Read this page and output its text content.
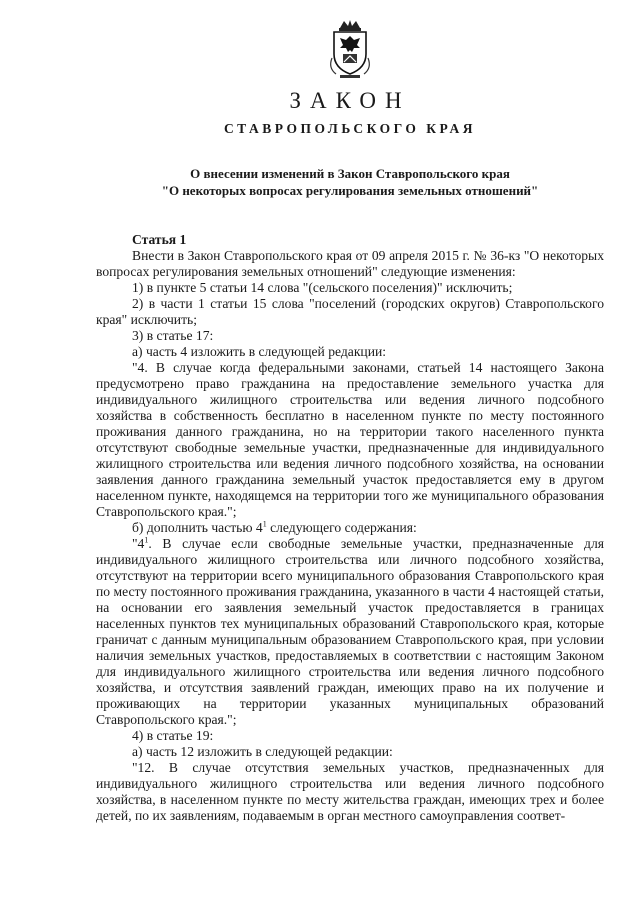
ЗАКОН
СТАВРОПОЛЬСКОГО КРАЯ
О внесении изменений в Закон Ставропольского края
"О некоторых вопросах регулирования земельных отношений"

Статья 1

Внести в Закон Ставропольского края от 09 апреля 2015 г. № 36-кз "О некоторых вопросах регулирования земельных отношений" следующие изменения:

1) в пункте 5 статьи 14 слова "(сельского поселения)" исключить;

2) в части 1 статьи 15 слова "поселений (городских округов) Ставропольского края" исключить;

3) в статье 17:

а) часть 4 изложить в следующей редакции:

"4. В случае когда федеральными законами, статьей 14 настоящего Закона предусмотрено право гражданина на предоставление земельного участка для индивидуального жилищного строительства или ведения личного подсобного хозяйства в собственность бесплатно в населенном пункте по месту постоянного проживания данного гражданина, но на территории такого населенного пункта отсутствуют свободные земельные участки, предназначенные для индивидуального жилищного строительства или ведения личного подсобного хозяйства, на основании заявления данного гражданина земельный участок предоставляется ему в другом населенном пункте, находящемся на территории того же муниципального образования Ставропольского края.";

б) дополнить частью $4^1$ следующего содержания:

"$4^1$. В случае если свободные земельные участки, предназначенные для индивидуального жилищного строительства или личного подсобного хозяйства, отсутствуют на территории всего муниципального образования Ставропольского края по месту постоянного проживания гражданина, указанного в части 4 настоящей статьи, на основании его заявления земельный участок предоставляется в границах населенных пунктов тех муниципальных образований Ставропольского края, которые граничат с данным муниципальным образованием Ставропольского края, при условии наличия земельных участков, предоставляемых в соответствии с настоящим Законом для индивидуального жилищного строительства или ведения личного подсобного хозяйства, и отсутствия заявлений граждан, имеющих право на их получение и проживающих на территории указанных муниципальных образований Ставропольского края.";

4) в статье 19:

а) часть 12 изложить в следующей редакции:

"12. В случае отсутствия земельных участков, предназначенных для индивидуального жилищного строительства или ведения личного подсобного хозяйства, в населенном пункте по месту жительства граждан, имеющих трех и более детей, по их заявлениям, подаваемым в орган местного самоуправления соответ-
